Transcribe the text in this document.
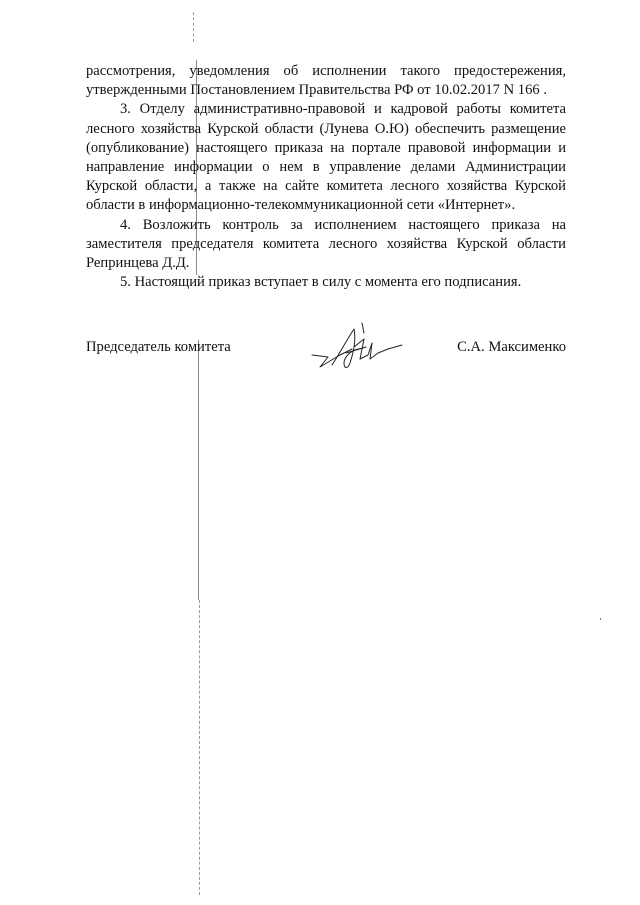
рассмотрения, уведомления об исполнении такого предостережения, утвержденными Постановлением Правительства РФ от 10.02.2017 N 166 .

3. Отделу административно-правовой и кадровой работы комитета лесного хозяйства Курской области (Лунева О.Ю) обеспечить размещение (опубликование) настоящего приказа на портале правовой информации и направление информации о нем в управление делами Администрации Курской области, а также на сайте комитета лесного хозяйства Курской области в информационно-телекоммуникационной сети «Интернет».

4. Возложить контроль за исполнением настоящего приказа на заместителя председателя комитета лесного хозяйства Курской области Репринцева Д.Д.

5. Настоящий приказ вступает в силу с момента его подписания.

Председатель комитета	С.А. Максименко
